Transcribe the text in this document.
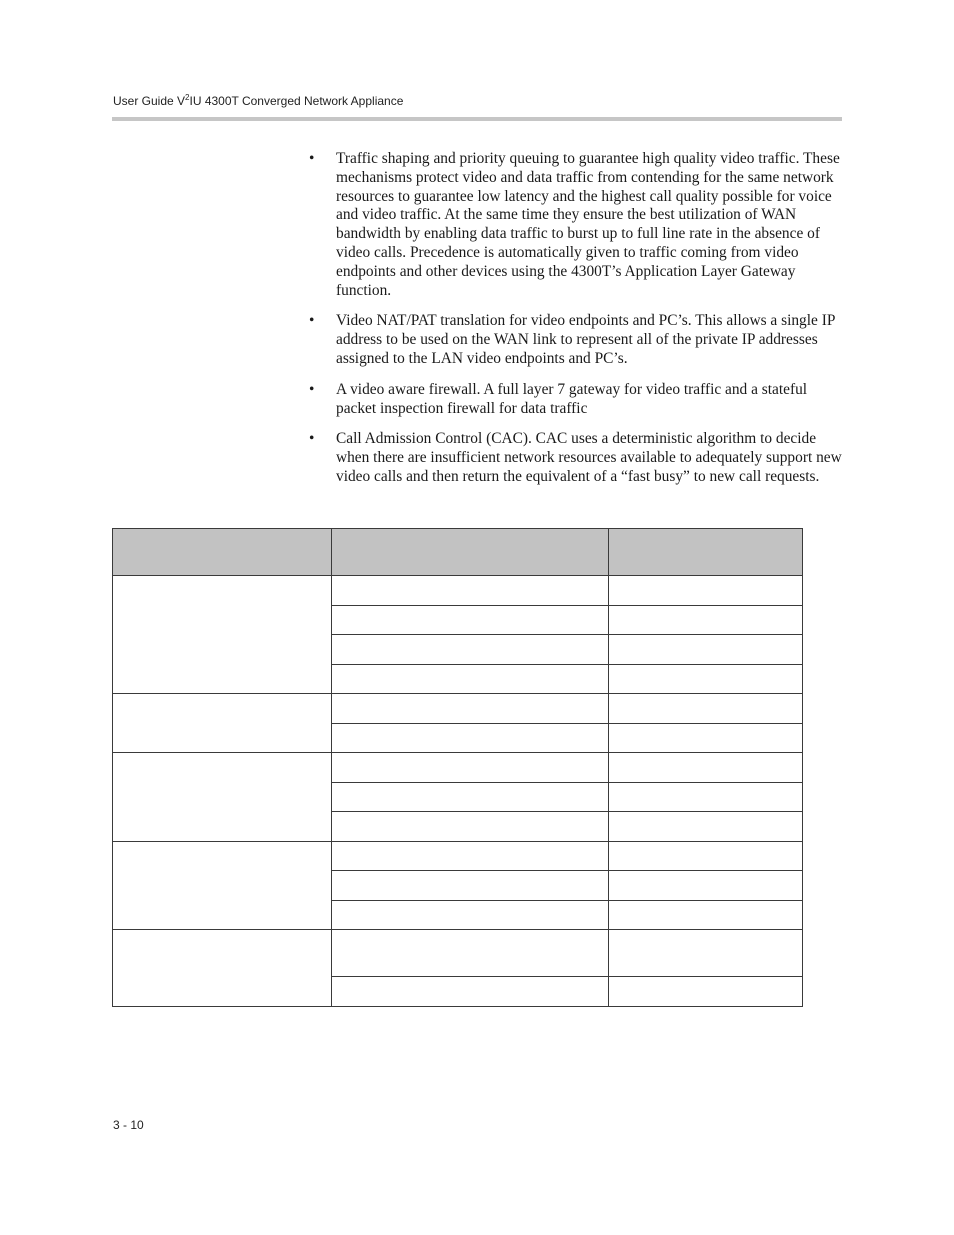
User Guide $V^2IU$ 4300T Converged Network Appliance
• Traffic shaping and priority queuing to guarantee high quality video traffic. These mechanisms protect video and data traffic from contending for the same network resources to guarantee low latency and the highest call quality possible for voice and video traffic. At the same time they ensure the best utilization of WAN bandwidth by enabling data traffic to burst up to full line rate in the absence of video calls. Precedence is automatically given to traffic coming from video endpoints and other devices using the 4300T’s Application Layer Gateway function.
• Video NAT/PAT translation for video endpoints and PC’s. This allows a single IP address to be used on the WAN link to represent all of the private IP addresses assigned to the LAN video endpoints and PC’s.
• A video aware firewall. A full layer 7 gateway for video traffic and a stateful packet inspection firewall for data traffic
• Call Admission Control (CAC). CAC uses a deterministic algorithm to decide when there are insufficient network resources available to adequately support new video calls and then return the equivalent of a “fast busy” to new call requests.

3 - 10
